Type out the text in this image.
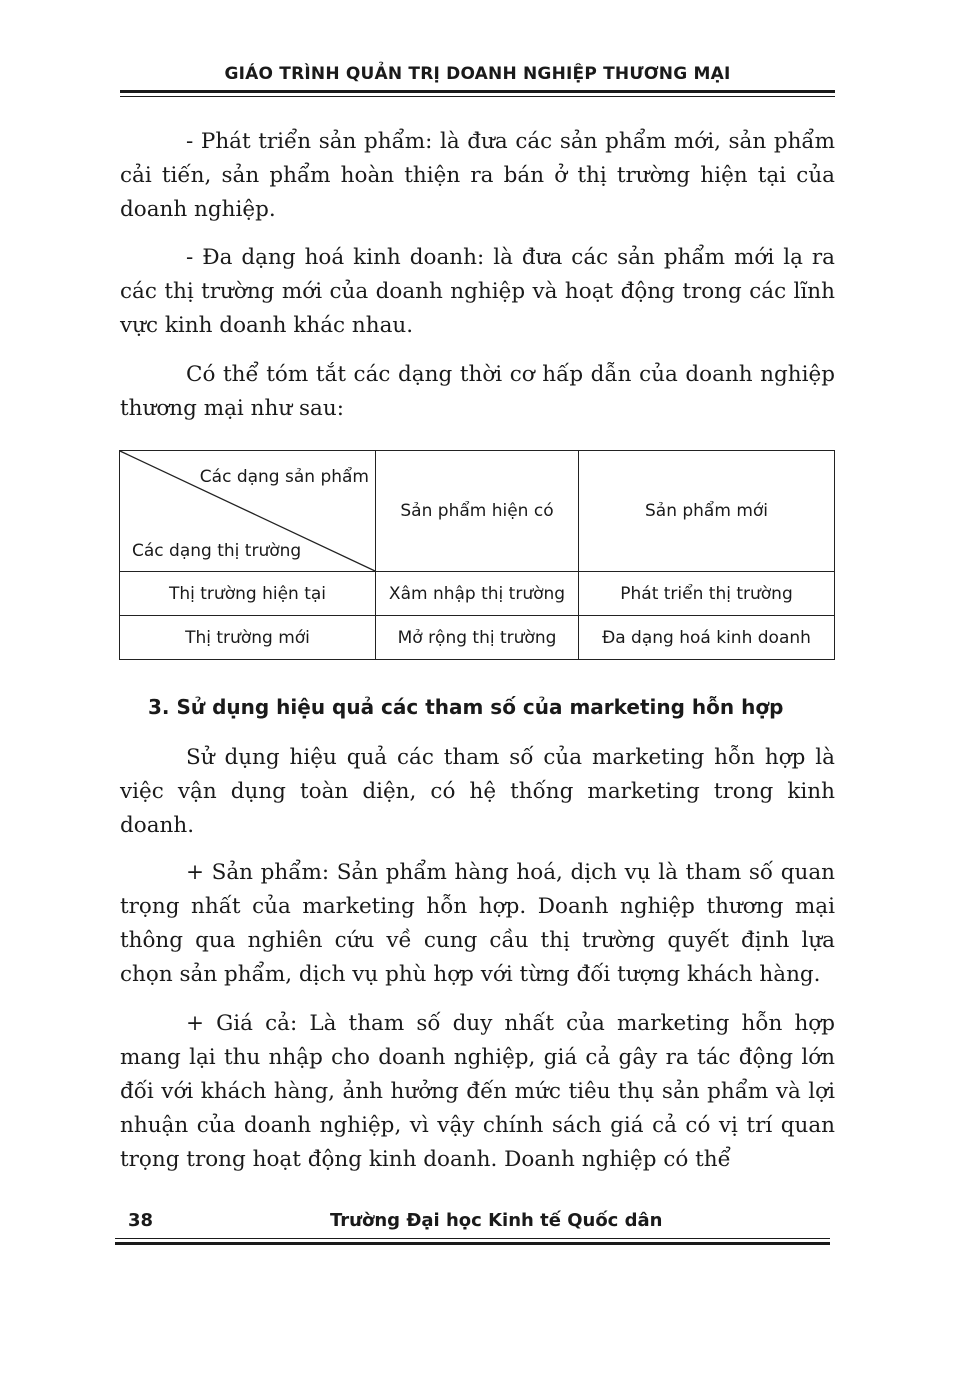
GIÁO TRÌNH QUẢN TRỊ DOANH NGHIỆP THƯƠNG MẠI

- Phát triển sản phẩm: là đưa các sản phẩm mới, sản phẩm cải tiến, sản phẩm hoàn thiện ra bán ở thị trường hiện tại của doanh nghiệp.

- Đa dạng hoá kinh doanh: là đưa các sản phẩm mới lạ ra các thị trường mới của doanh nghiệp và hoạt động trong các lĩnh vực kinh doanh khác nhau.

Có thể tóm tắt các dạng thời cơ hấp dẫn của doanh nghiệp thương mại như sau:

Các dạng sản phẩm
Các dạng thị trường	Sản phẩm hiện có	Sản phẩm mới
Thị trường hiện tại	Xâm nhập thị trường	Phát triển thị trường
Thị trường mới	Mở rộng thị trường	Đa dạng hoá kinh doanh
3. Sử dụng hiệu quả các tham số của marketing hỗn hợp

Sử dụng hiệu quả các tham số của marketing hỗn hợp là việc vận dụng toàn diện, có hệ thống marketing trong kinh doanh.

+ Sản phẩm: Sản phẩm hàng hoá, dịch vụ là tham số quan trọng nhất của marketing hỗn hợp. Doanh nghiệp thương mại thông qua nghiên cứu về cung cầu thị trường quyết định lựa chọn sản phẩm, dịch vụ phù hợp với từng đối tượng khách hàng.

+ Giá cả: Là tham số duy nhất của marketing hỗn hợp mang lại thu nhập cho doanh nghiệp, giá cả gây ra tác động lớn đối với khách hàng, ảnh hưởng đến mức tiêu thụ sản phẩm và lợi nhuận của doanh nghiệp, vì vậy chính sách giá cả có vị trí quan trọng trong hoạt động kinh doanh. Doanh nghiệp có thể

38	Trường Đại học Kinh tế Quốc dân
